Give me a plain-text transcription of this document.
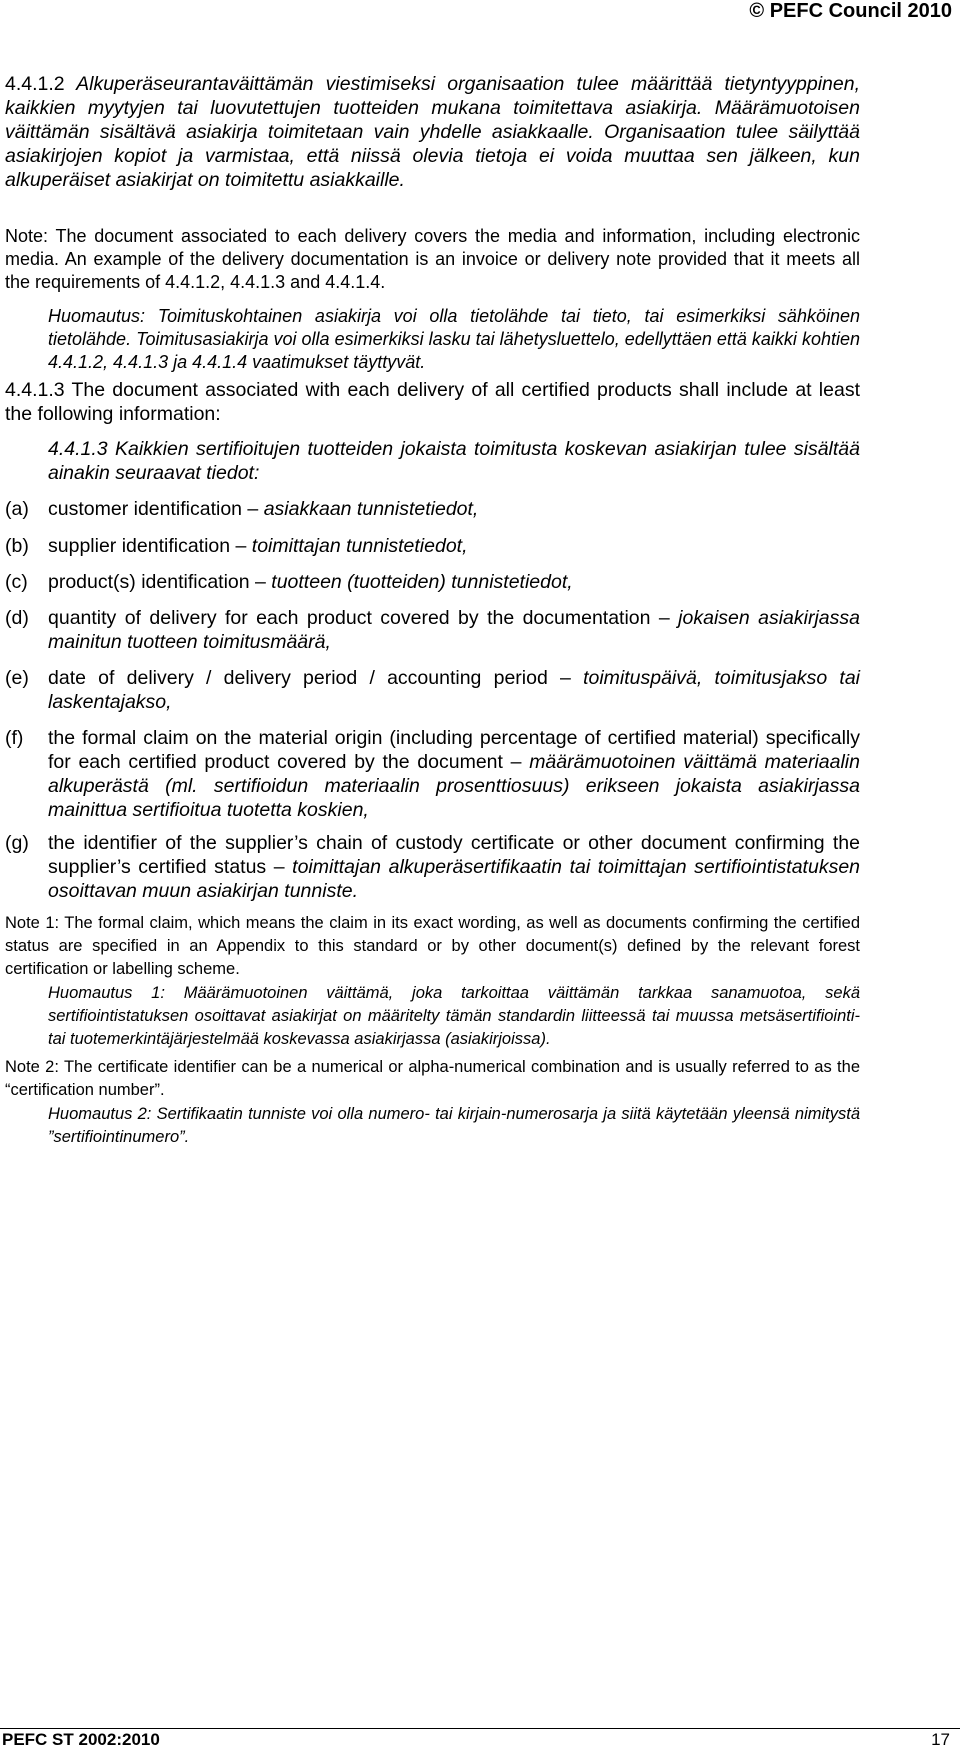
© PEFC Council 2010

4.4.1.2 Alkuperäseurantaväittämän viestimiseksi organisaation tulee määrittää tietyntyyppinen, kaikkien myytyjen tai luovutettujen tuotteiden mukana toimitettava asiakirja. Määrämuotoisen väittämän sisältävä asiakirja toimitetaan vain yhdelle asiakkaalle. Organisaation tulee säilyttää asiakirjojen kopiot ja varmistaa, että niissä olevia tietoja ei voida muuttaa sen jälkeen, kun alkuperäiset asiakirjat on toimitettu asiakkaille.

Note: The document associated to each delivery covers the media and information, including electronic media. An example of the delivery documentation is an invoice or delivery note provided that it meets all the requirements of 4.4.1.2, 4.4.1.3 and 4.4.1.4.

Huomautus: Toimituskohtainen asiakirja voi olla tietolähde tai tieto, tai esimerkiksi sähköinen tietolähde. Toimitusasiakirja voi olla esimerkiksi lasku tai lähetysluettelo, edellyttäen että kaikki kohtien 4.4.1.2, 4.4.1.3 ja 4.4.1.4 vaatimukset täyttyvät.

4.4.1.3 The document associated with each delivery of all certified products shall include at least the following information:

4.4.1.3 Kaikkien sertifioitujen tuotteiden jokaista toimitusta koskevan asiakirjan tulee sisältää ainakin seuraavat tiedot:

(a) customer identification – asiakkaan tunnistetiedot,
(b) supplier identification – toimittajan tunnistetiedot,
(c) product(s) identification – tuotteen (tuotteiden) tunnistetiedot,
(d) quantity of delivery for each product covered by the documentation – jokaisen asiakirjassa mainitun tuotteen toimitusmäärä,
(e) date of delivery / delivery period / accounting period – toimituspäivä, toimitusjakso tai laskentajakso,
(f) the formal claim on the material origin (including percentage of certified material) specifically for each certified product covered by the document – määrämuotoinen väittämä materiaalin alkuperästä (ml. sertifioidun materiaalin prosenttiosuus) erikseen jokaista asiakirjassa mainittua sertifioitua tuotetta koskien,
(g) the identifier of the supplier’s chain of custody certificate or other document confirming the supplier’s certified status – toimittajan alkuperäsertifikaatin tai toimittajan sertifiointistatuksen osoittavan muun asiakirjan tunniste.

Note 1: The formal claim, which means the claim in its exact wording, as well as documents confirming the certified status are specified in an Appendix to this standard or by other document(s) defined by the relevant forest certification or labelling scheme.

Huomautus 1: Määrämuotoinen väittämä, joka tarkoittaa väittämän tarkkaa sanamuotoa, sekä sertifiointistatuksen osoittavat asiakirjat on määritelty tämän standardin liitteessä tai muussa metsäsertifiointi- tai tuotemerkintäjärjestelmää koskevassa asiakirjassa (asiakirjoissa).

Note 2: The certificate identifier can be a numerical or alpha-numerical combination and is usually referred to as the “certification number”.

Huomautus 2: Sertifikaatin tunniste voi olla numero- tai kirjain-numerosarja ja siitä käytetään yleensä nimitystä ”sertifiointinumero”.

PEFC ST 2002:2010	17
